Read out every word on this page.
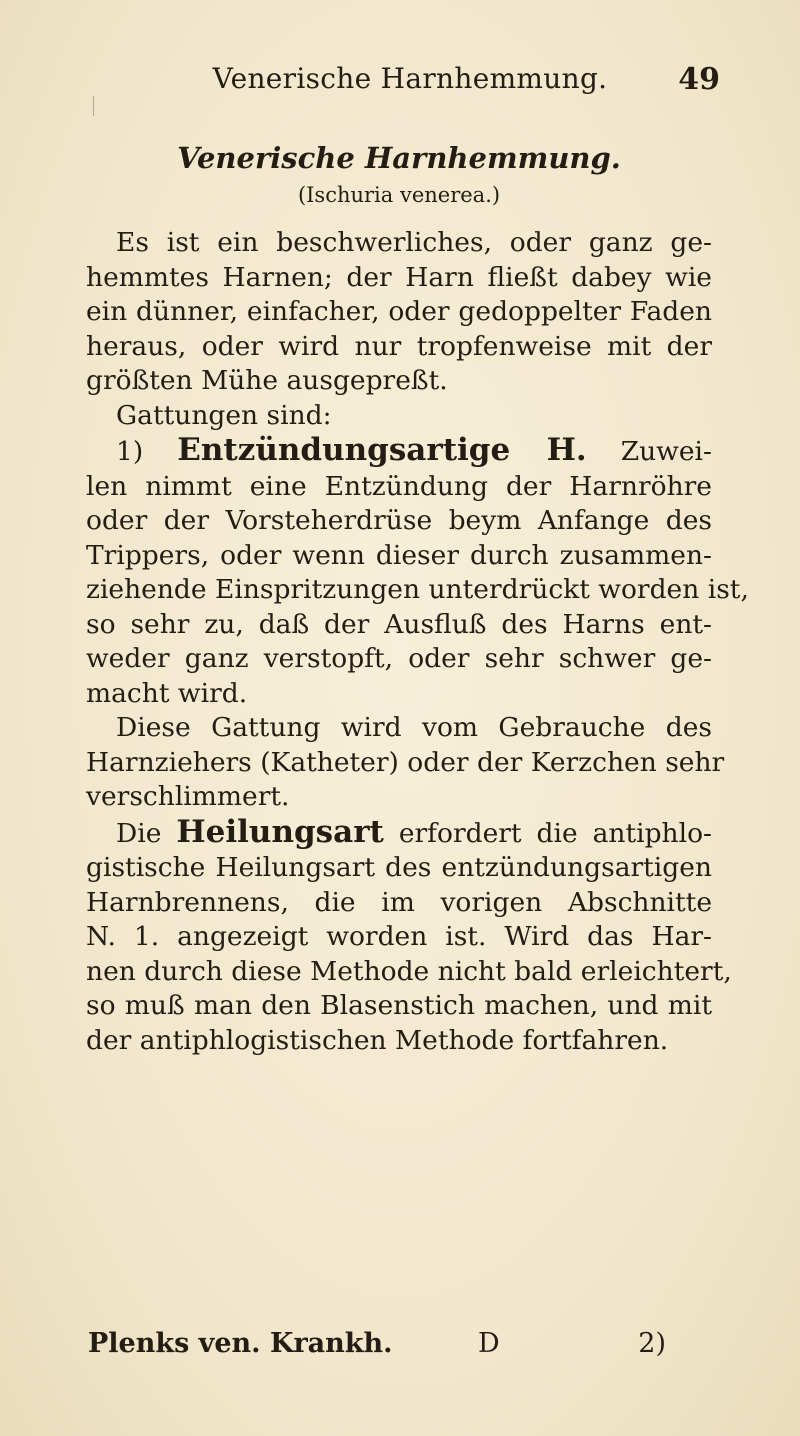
Venerische Harnhemmung.	49
Venerische Harnhemmung.
(Ischuria venerea.)
Es ist ein beschwerliches, oder ganz ge-
hemmtes Harnen; der Harn fließt dabey wie
ein dünner, einfacher, oder gedoppelter Faden
heraus, oder wird nur tropfenweise mit der
größten Mühe ausgepreßt.
Gattungen sind:
1) Entzündungsartige H. Zuwei-
len nimmt eine Entzündung der Harnröhre
oder der Vorsteherdrüse beym Anfange des
Trippers, oder wenn dieser durch zusammen-
ziehende Einspritzungen unterdrückt worden ist,
so sehr zu, daß der Ausfluß des Harns ent-
weder ganz verstopft, oder sehr schwer ge-
macht wird.
Diese Gattung wird vom Gebrauche des
Harnziehers (Katheter) oder der Kerzchen sehr
verschlimmert.
Die Heilungsart erfordert die antiphlo-
gistische Heilungsart des entzündungsartigen
Harnbrennens, die im vorigen Abschnitte
N. 1. angezeigt worden ist. Wird das Har-
nen durch diese Methode nicht bald erleichtert,
so muß man den Blasenstich machen, und mit
der antiphlogistischen Methode fortfahren.
Plenks ven. Krankh.	D	2)
